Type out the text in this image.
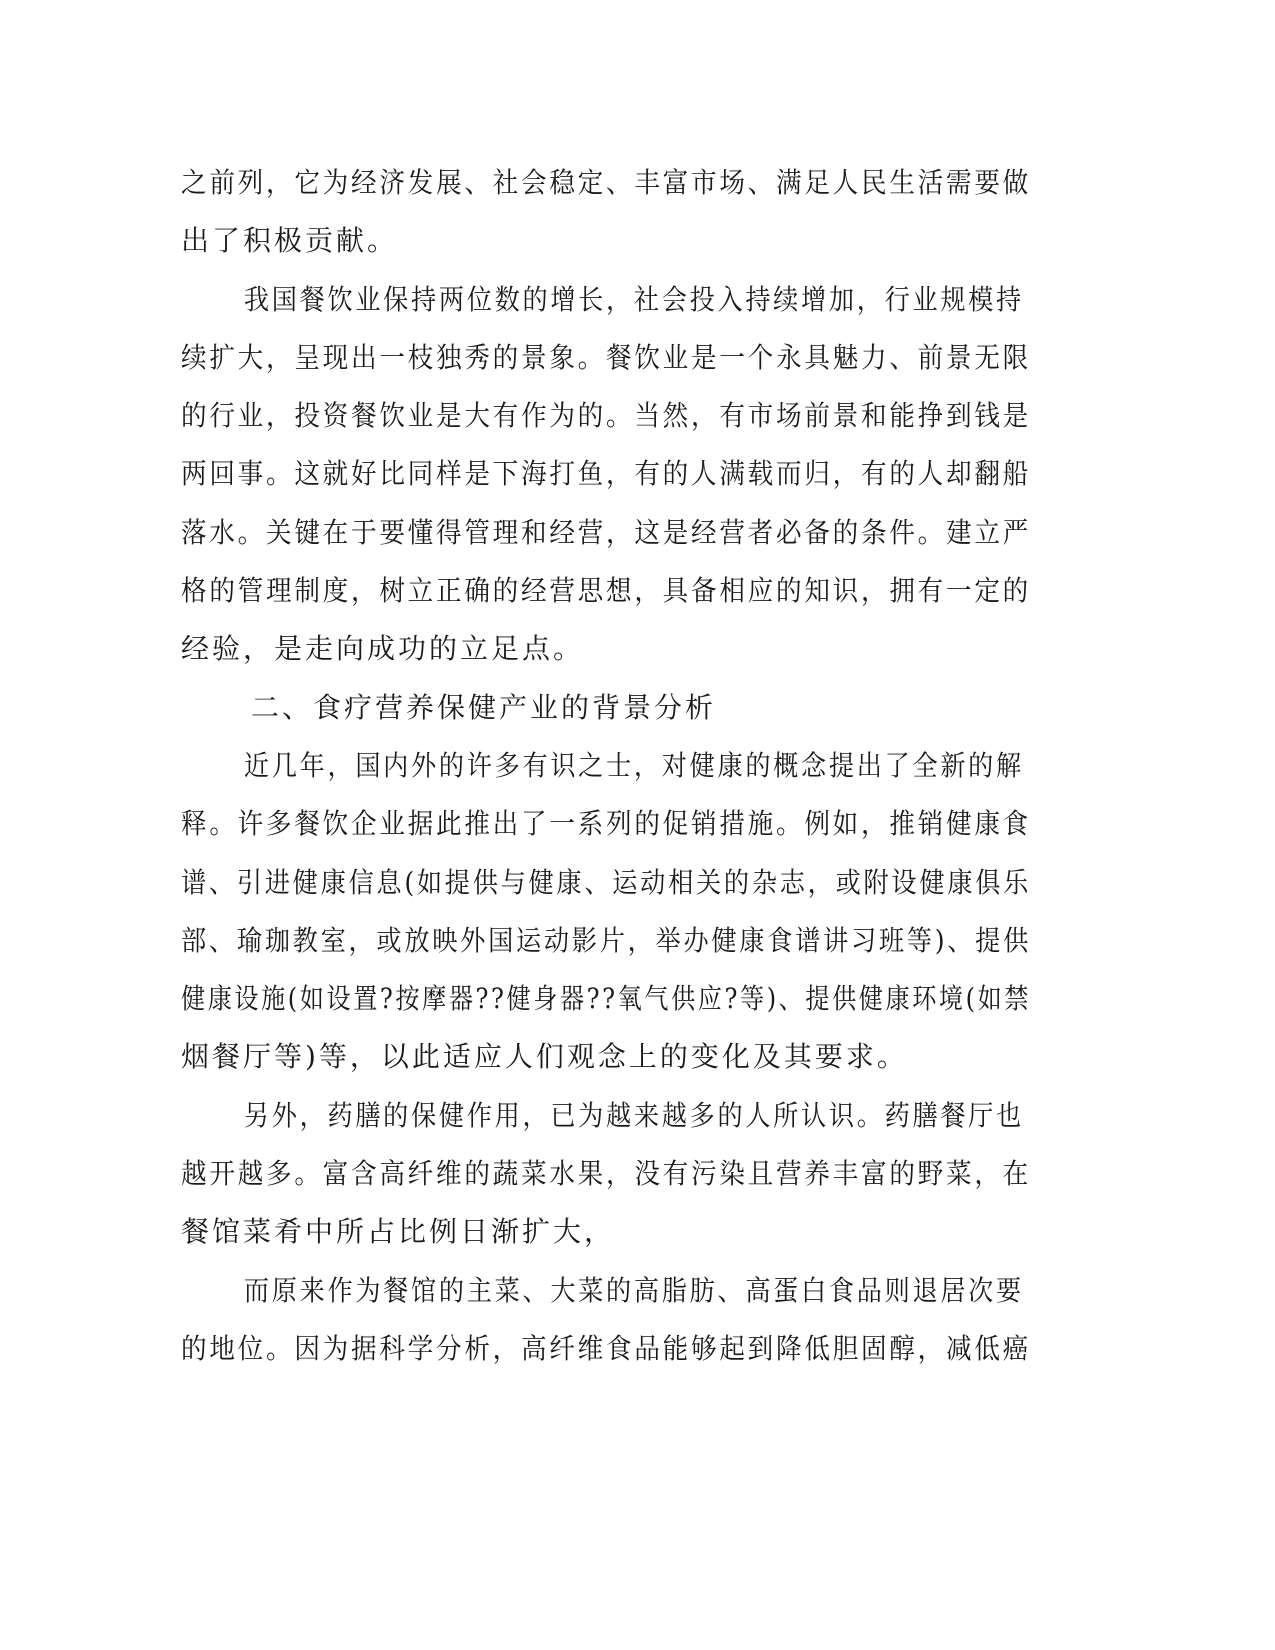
之前列，它为经济发展、社会稳定、丰富市场、满足人民生活需要做
出了积极贡献。
我国餐饮业保持两位数的增长，社会投入持续增加，行业规模持
续扩大，呈现出一枝独秀的景象。餐饮业是一个永具魅力、前景无限
的行业，投资餐饮业是大有作为的。当然，有市场前景和能挣到钱是
两回事。这就好比同样是下海打鱼，有的人满载而归，有的人却翻船
落水。关键在于要懂得管理和经营，这是经营者必备的条件。建立严
格的管理制度，树立正确的经营思想，具备相应的知识，拥有一定的
经验，是走向成功的立足点。
二、食疗营养保健产业的背景分析
近几年，国内外的许多有识之士，对健康的概念提出了全新的解
释。许多餐饮企业据此推出了一系列的促销措施。例如，推销健康食
谱、引进健康信息(如提供与健康、运动相关的杂志，或附设健康俱乐
部、瑜珈教室，或放映外国运动影片，举办健康食谱讲习班等)、提供
健康设施(如设置?按摩器??健身器??氧气供应?等)、提供健康环境(如禁
烟餐厅等)等，以此适应人们观念上的变化及其要求。
另外，药膳的保健作用，已为越来越多的人所认识。药膳餐厅也
越开越多。富含高纤维的蔬菜水果，没有污染且营养丰富的野菜，在
餐馆菜肴中所占比例日渐扩大，
而原来作为餐馆的主菜、大菜的高脂肪、高蛋白食品则退居次要
的地位。因为据科学分析，高纤维食品能够起到降低胆固醇，减低癌
